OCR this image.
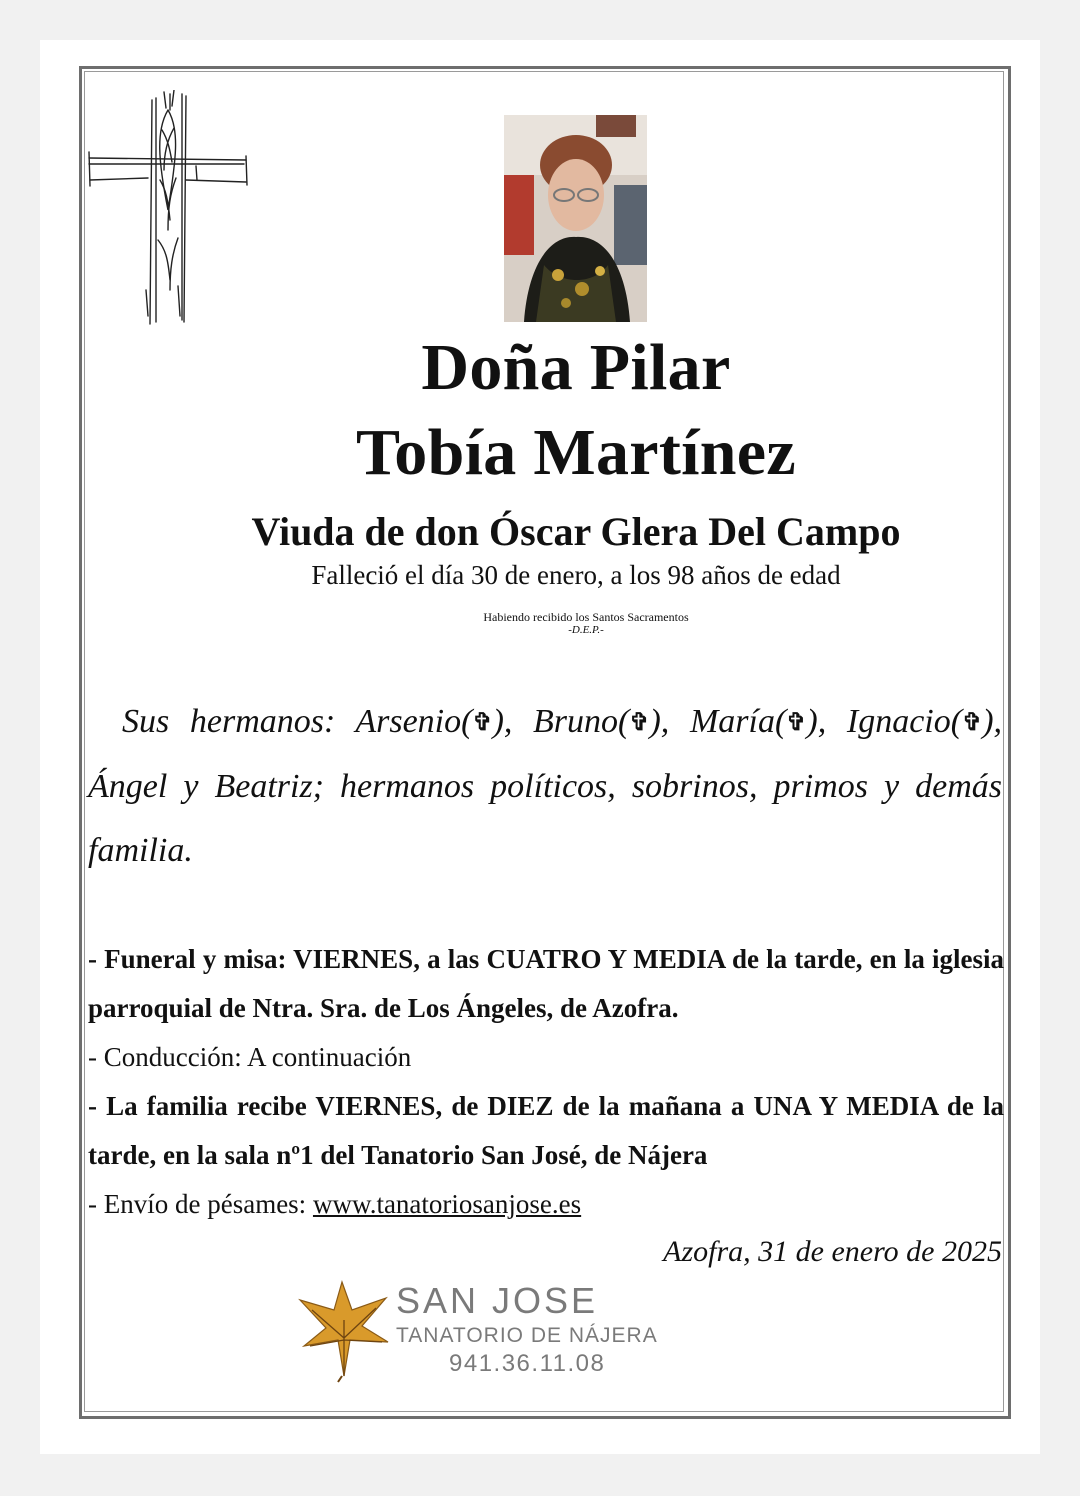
Doña Pilar
Tobía Martínez
Viuda de don Óscar Glera Del Campo
Falleció el día 30 de enero, a los 98 años de edad
Habiendo recibido los Santos Sacramentos
-D.E.P.-
Sus hermanos: Arsenio(✞), Bruno(✞), María(✞), Ignacio(✞), Ángel y Beatriz; hermanos políticos, sobrinos, primos y demás familia.
- Funeral y misa: VIERNES, a las CUATRO Y MEDIA de la tarde, en la iglesia parroquial de Ntra. Sra. de Los Ángeles, de Azofra.
- Conducción: A continuación
- La familia recibe VIERNES, de DIEZ de la mañana a UNA Y MEDIA de la tarde, en la sala nº1 del Tanatorio San José, de Nájera
- Envío de pésames: www.tanatoriosanjose.es
Azofra, 31 de enero de 2025
SAN JOSE
TANATORIO DE NÁJERA
941.36.11.08
